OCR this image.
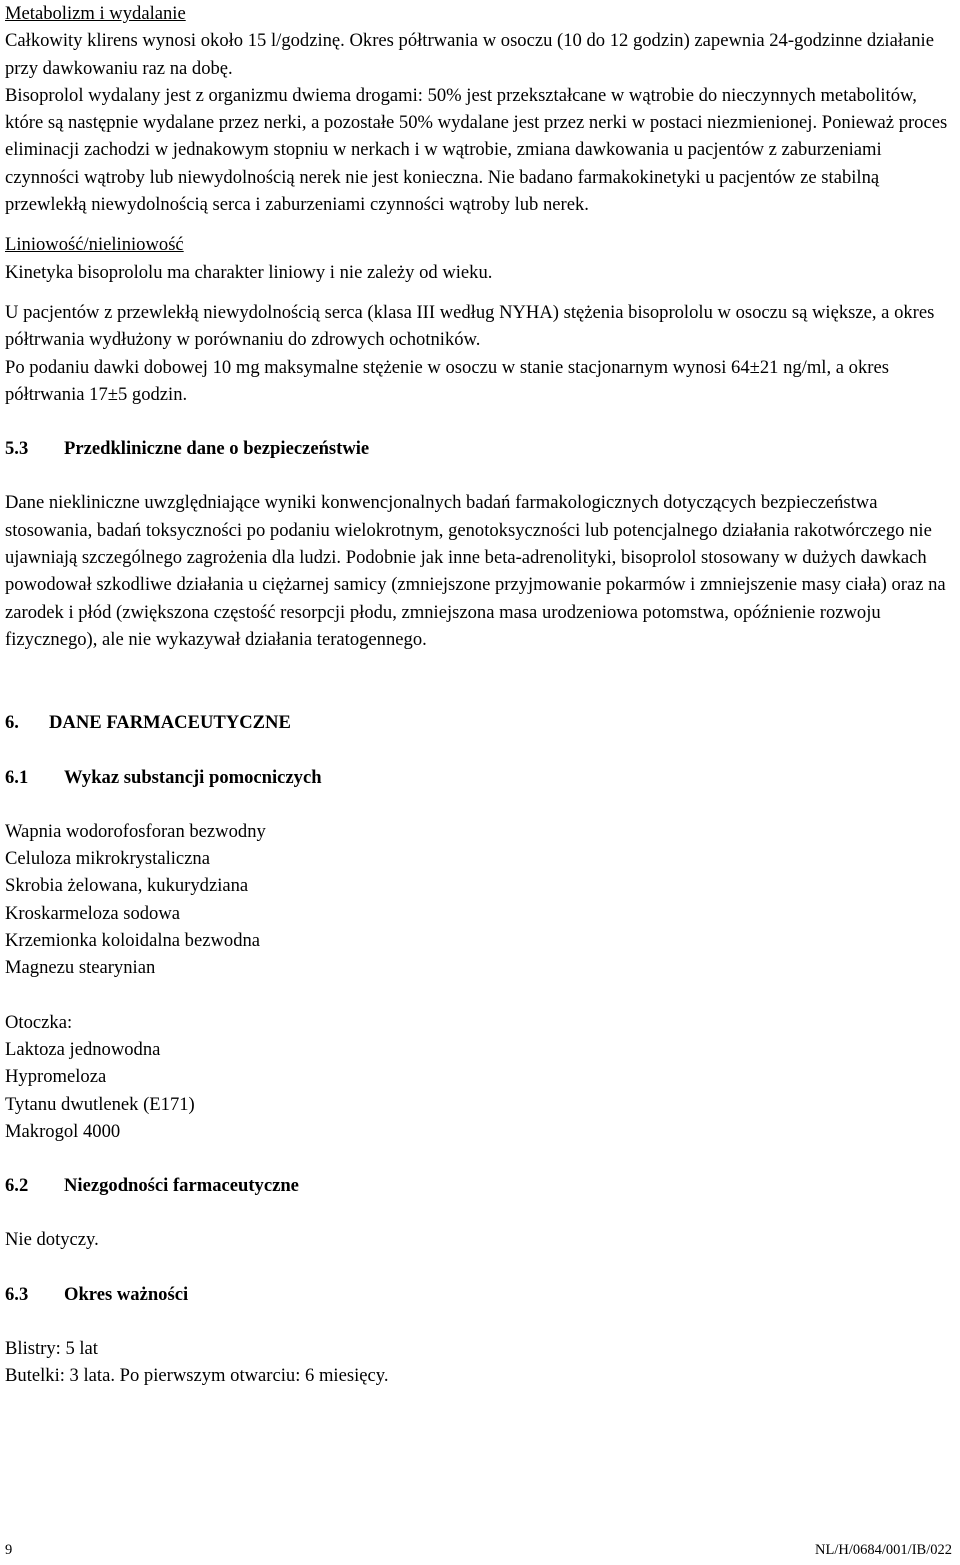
Metabolizm i wydalanie

Całkowity klirens wynosi około 15 l/godzinę. Okres półtrwania w osoczu (10 do 12 godzin) zapewnia 24-godzinne działanie przy dawkowaniu raz na dobę.

Bisoprolol wydalany jest z organizmu dwiema drogami: 50% jest przekształcane w wątrobie do nieczynnych metabolitów, które są następnie wydalane przez nerki, a pozostałe 50% wydalane jest przez nerki w postaci niezmienionej. Ponieważ proces eliminacji zachodzi w jednakowym stopniu w nerkach i w wątrobie, zmiana dawkowania u pacjentów z zaburzeniami czynności wątroby lub niewydolnością nerek nie jest konieczna. Nie badano farmakokinetyki u pacjentów ze stabilną przewlekłą niewydolnością serca i zaburzeniami czynności wątroby lub nerek.

Liniowość/nieliniowość

Kinetyka bisoprololu ma charakter liniowy i nie zależy od wieku.

U pacjentów z przewlekłą niewydolnością serca (klasa III według NYHA) stężenia bisoprololu w osoczu są większe, a okres półtrwania wydłużony w porównaniu do zdrowych ochotników.

Po podaniu dawki dobowej 10 mg maksymalne stężenie w osoczu w stanie stacjonarnym wynosi 64±21 ng/ml, a okres półtrwania 17±5 godzin.

5.3	Przedkliniczne dane o bezpieczeństwie

Dane niekliniczne uwzględniające wyniki konwencjonalnych badań farmakologicznych dotyczących bezpieczeństwa stosowania, badań toksyczności po podaniu wielokrotnym, genotoksyczności lub potencjalnego działania rakotwórczego nie ujawniają szczególnego zagrożenia dla ludzi. Podobnie jak inne beta-adrenolityki, bisoprolol stosowany w dużych dawkach powodował szkodliwe działania u ciężarnej samicy (zmniejszone przyjmowanie pokarmów i zmniejszenie masy ciała) oraz na zarodek i płód (zwiększona częstość resorpcji płodu, zmniejszona masa urodzeniowa potomstwa, opóźnienie rozwoju fizycznego), ale nie wykazywał działania teratogennego.

6.	DANE FARMACEUTYCZNE
6.1	Wykaz substancji pomocniczych

Wapnia wodorofosforan bezwodny

Celuloza mikrokrystaliczna

Skrobia żelowana, kukurydziana

Kroskarmeloza sodowa

Krzemionka koloidalna bezwodna

Magnezu stearynian

Otoczka:

Laktoza jednowodna

Hypromeloza

Tytanu dwutlenek (E171)

Makrogol 4000

6.2	Niezgodności farmaceutyczne

Nie dotyczy.

6.3	Okres ważności

Blistry: 5 lat

Butelki: 3 lata. Po pierwszym otwarciu: 6 miesięcy.

9	NL/H/0684/001/IB/022
